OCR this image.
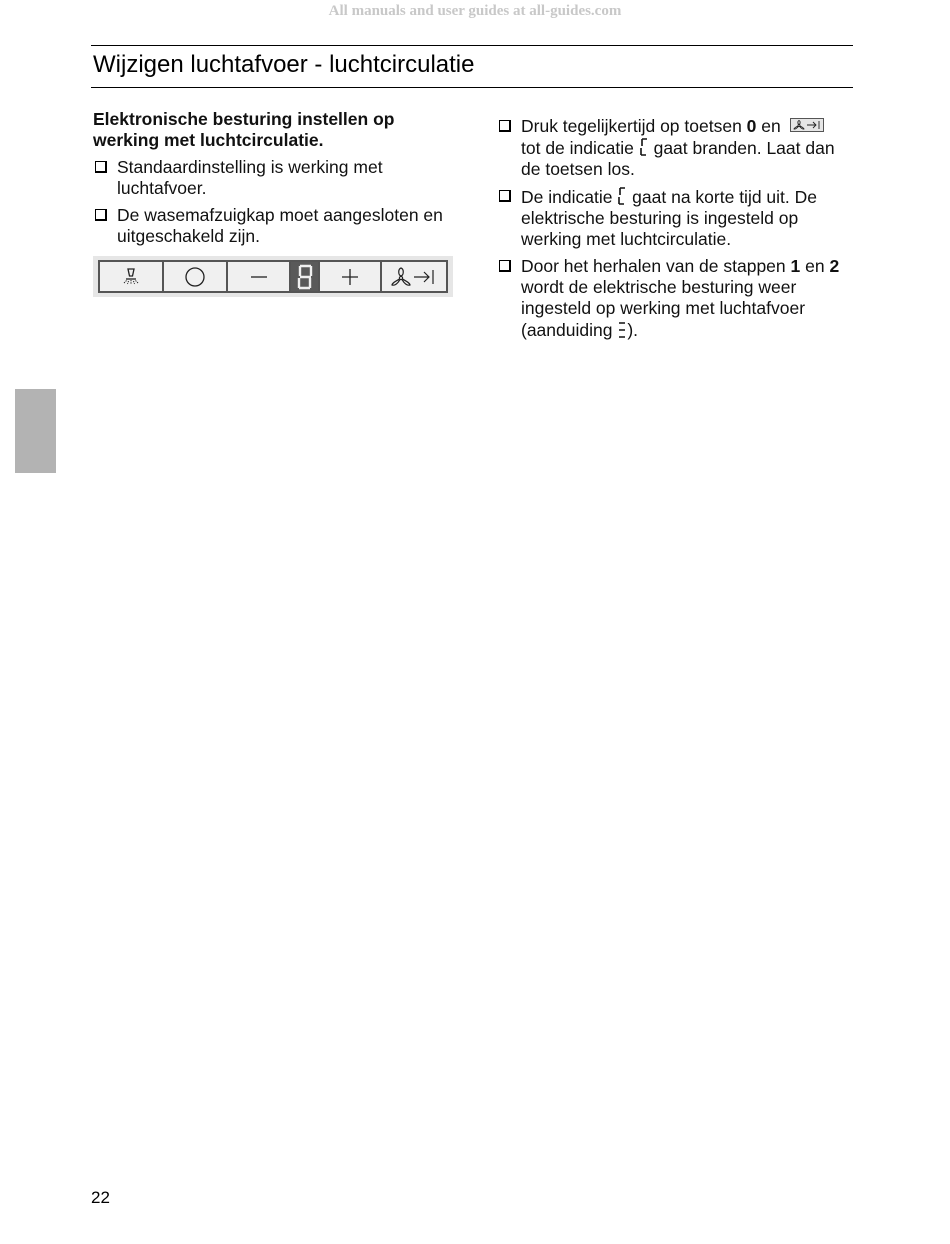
All manuals and user guides at all-guides.com
Wijzigen luchtafvoer - luchtcirculatie

Elektronische besturing instellen op werking met luchtcirculatie.

Standaardinstelling is werking met luchtafvoer.

De wasemafzuigkap moet aangesloten en uitgeschakeld zijn.

Druk tegelijkertijd op toetsen 0 en
tot de indicatie  gaat branden. Laat dan de toetsen los.

De indicatie  gaat na korte tijd uit. De elektrische besturing is ingesteld op werking met luchtcirculatie.

Door het herhalen van de stappen 1 en 2 wordt de elektrische besturing weer ingesteld op werking met luchtafvoer (aanduiding ).

22
